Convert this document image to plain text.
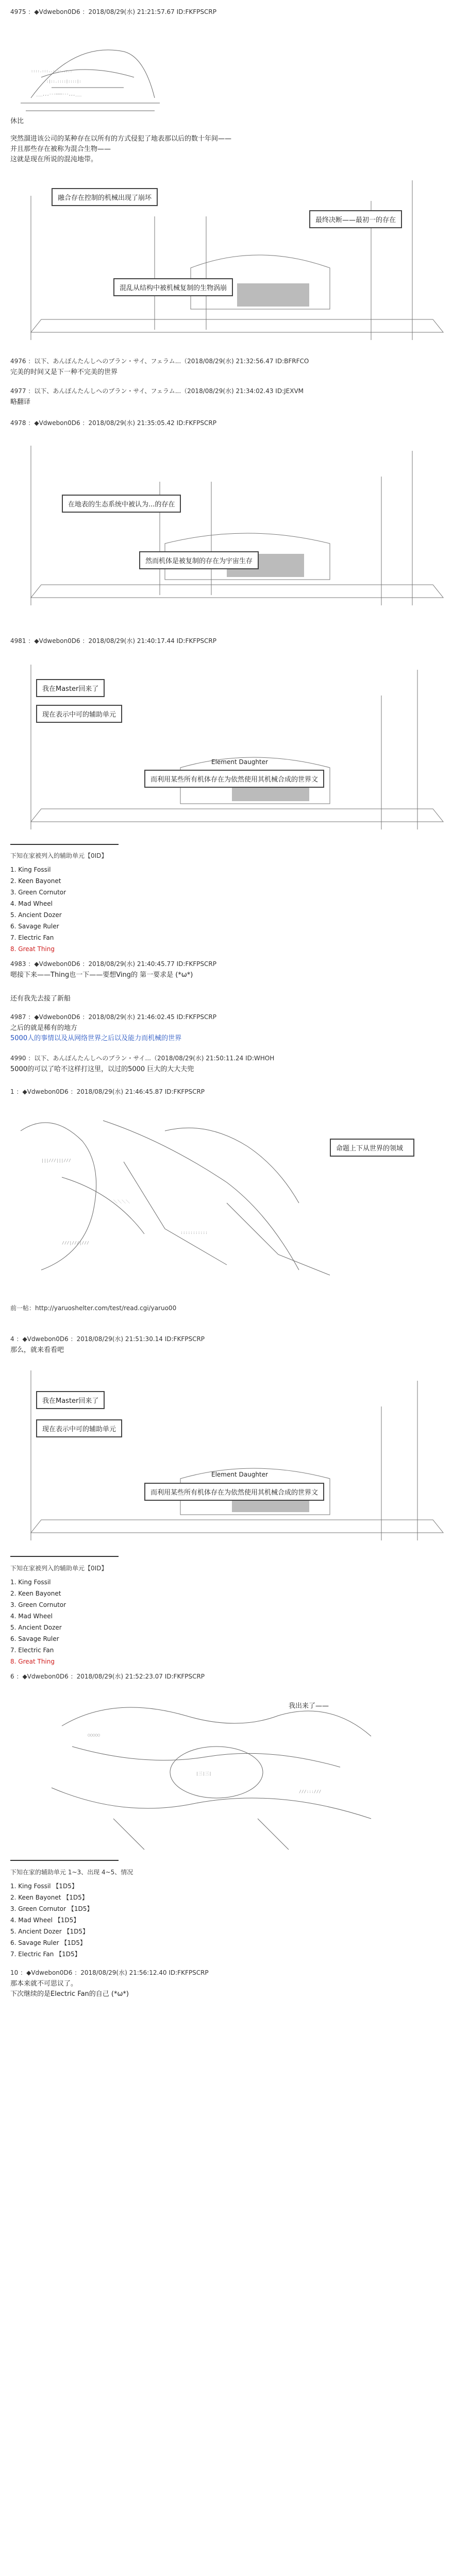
4975 ：◆Vdwebon0D6 ：2018/08/29(水) 21:21:57.67 ID:FKFPSCRP
::::.:::..::::..:::
:|::.::::|::::|:
___,,,---~~~‐‐‐,,,___
休比
突然溜进该公司的某种存在以所有的方式侵犯了地表那以后的数十年间——
并且那些存在被称为混合生物——
这就是现在所说的混沌地带。
融合存在控制的机械出现了崩坏
最终决断——最初一的存在
混乱从结构中被机械复制的生物涡崩
4976 ：以下、あんぽんたんしへのブラン・サイ、フェラム...（2018/08/29(水) 21:32:56.47 ID:BFRFCO
完美的时间又是下一种不完美的世界
4977 ：以下、あんぽんたんしへのブラン・サイ、フェラム...（2018/08/29(水) 21:34:02.43 ID:JEXVM
略翻译
4978 ：◆Vdwebon0D6 ：2018/08/29(水) 21:35:05.42 ID:FKFPSCRP
在地表的生态系统中被认为...的存在
然而机体是被复制的存在为宇宙生存
4981 ：◆Vdwebon0D6 ：2018/08/29(水) 21:40:17.44 ID:FKFPSCRP
我在Master回来了
现在表示中可的辅助单元
Element Daughter
而利用某些所有机体存在为依然使用其机械合成的世界文
下知在家被列入的辅助单元【0ID】
1. King Fossil
2. Keen Bayonet
3. Green Cornutor
4. Mad Wheel
5. Ancient Dozer
6. Savage Ruler
7. Electric Fan
8. Great Thing
4983 ：◆Vdwebon0D6 ：2018/08/29(水) 21:40:45.77 ID:FKFPSCRP
嗯接下来——Thing也一下——要想Ving的 第一要求是 (*ω*)
还有我先去接了新船
4987 ：◆Vdwebon0D6 ：2018/08/29(水) 21:46:02.45 ID:FKFPSCRP
之后的就是稀有的地方
5000人的事情以及从网络世界之后以及能力而机械的世界
4990 ：以下、あんぽんたんしへのブラン・サイ...（2018/08/29(水) 21:50:11.24 ID:WHOH
5000的可以了哈不这样打这里，以过的5000 巨大的大大夫兜
1 ：◆Vdwebon0D6 ：2018/08/29(水) 21:46:45.87 ID:FKFPSCRP
|||///|||///
＼＼＼＼
:::::::::::
///|///|///
命题上下从世界的领域
前一帖：http://yaruoshelter.com/test/read.cgi/yaruo00
4 ：◆Vdwebon0D6 ：2018/08/29(水) 21:51:30.14 ID:FKFPSCRP
那么，就来看看吧
我在Master回来了
现在表示中可的辅助单元
Element Daughter
而利用某些所有机体存在为依然使用其机械合成的世界文
下知在家被列入的辅助单元【0ID】
1. King Fossil
2. Keen Bayonet
3. Green Cornutor
4. Mad Wheel
5. Ancient Dozer
6. Savage Ruler
7. Electric Fan
8. Great Thing
6 ：◆Vdwebon0D6 ：2018/08/29(水) 21:52:23.07 ID:FKFPSCRP
○○○○○
|三|三|
///:::///
我出来了——
下知在家的辅助单元 1~3、出现 4~5、情况
1. King Fossil 【1D5】
2. Keen Bayonet 【1D5】
3. Green Cornutor 【1D5】
4. Mad Wheel 【1D5】
5. Ancient Dozer 【1D5】
6. Savage Ruler 【1D5】
7. Electric Fan 【1D5】
10 ：◆Vdwebon0D6 ：2018/08/29(水) 21:56:12.40 ID:FKFPSCRP
那本来就不可思议了。
下次继续的是Electric Fan的自己 (*ω*)
